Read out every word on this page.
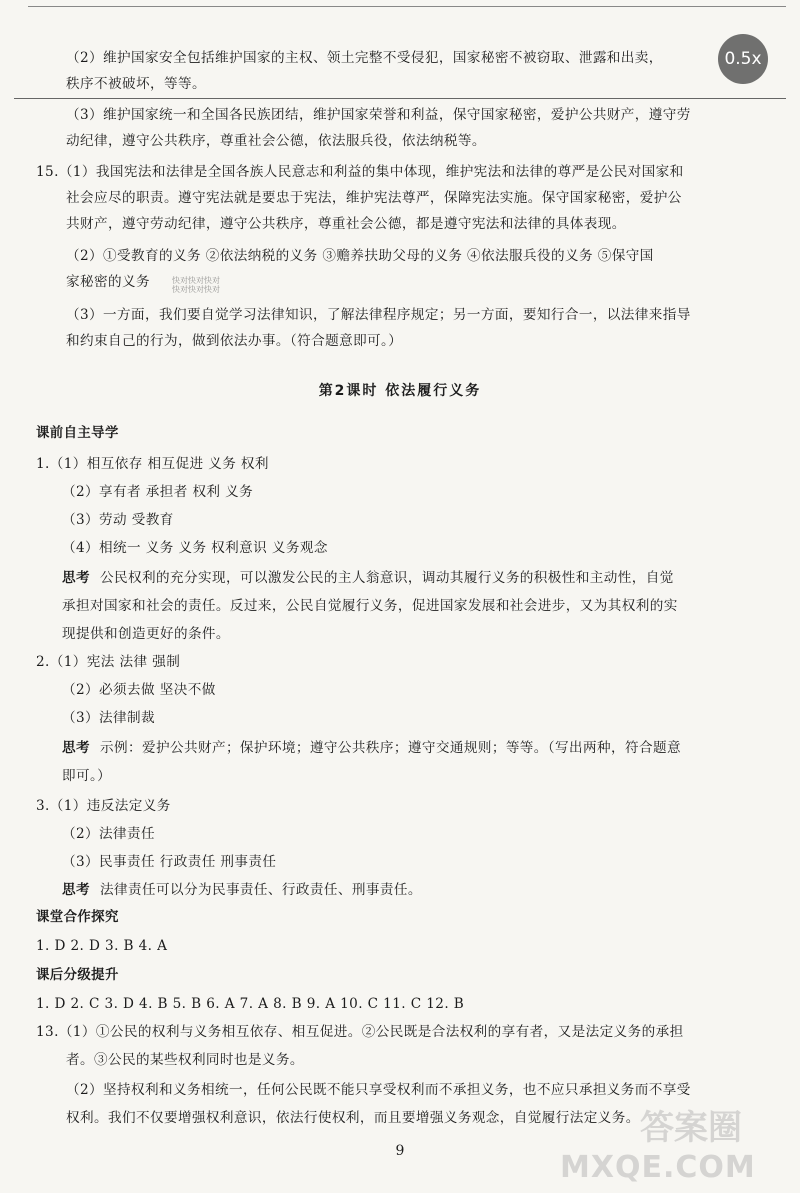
（2）维护国家安全包括维护国家的主权、领土完整不受侵犯，国家秘密不被窃取、泄露和出卖，
秩序不被破坏，等等。
（3）维护国家统一和全国各民族团结，维护国家荣誉和利益，保守国家秘密，爱护公共财产，遵守劳
动纪律，遵守公共秩序，尊重社会公德，依法服兵役，依法纳税等。
15.（1）我国宪法和法律是全国各族人民意志和利益的集中体现，维护宪法和法律的尊严是公民对国家和
社会应尽的职责。遵守宪法就是要忠于宪法，维护宪法尊严，保障宪法实施。保守国家秘密，爱护公
共财产，遵守劳动纪律，遵守公共秩序，尊重社会公德，都是遵守宪法和法律的具体表现。
（2）①受教育的义务 ②依法纳税的义务 ③赡养扶助父母的义务 ④依法服兵役的义务 ⑤保守国
家秘密的义务
（3）一方面，我们要自觉学习法律知识，了解法律程序规定；另一方面，要知行合一，以法律来指导
和约束自己的行为，做到依法办事。（符合题意即可。）
快对快对快对
快对快对快对
第2课时 依法履行义务
课前自主导学
1.（1）相互依存 相互促进 义务 权利
（2）享有者 承担者 权利 义务
（3）劳动 受教育
（4）相统一 义务 义务 权利意识 义务观念
思考 公民权利的充分实现，可以激发公民的主人翁意识，调动其履行义务的积极性和主动性，自觉
承担对国家和社会的责任。反过来，公民自觉履行义务，促进国家发展和社会进步，又为其权利的实
现提供和创造更好的条件。
2.（1）宪法 法律 强制
（2）必须去做 坚决不做
（3）法律制裁
思考 示例：爱护公共财产；保护环境；遵守公共秩序；遵守交通规则；等等。（写出两种，符合题意
即可。）
3.（1）违反法定义务
（2）法律责任
（3）民事责任 行政责任 刑事责任
思考 法律责任可以分为民事责任、行政责任、刑事责任。
课堂合作探究
1. D 2. D 3. B 4. A
课后分级提升
1. D 2. C 3. D 4. B 5. B 6. A 7. A 8. B 9. A 10. C 11. C 12. B
13.（1）①公民的权利与义务相互依存、相互促进。②公民既是合法权利的享有者，又是法定义务的承担
者。③公民的某些权利同时也是义务。
（2）坚持权利和义务相统一，任何公民既不能只享受权利而不承担义务，也不应只承担义务而不享受
权利。我们不仅要增强权利意识，依法行使权利，而且要增强义务观念，自觉履行法定义务。
9
答案圈
MXQE.COM
0.5x
